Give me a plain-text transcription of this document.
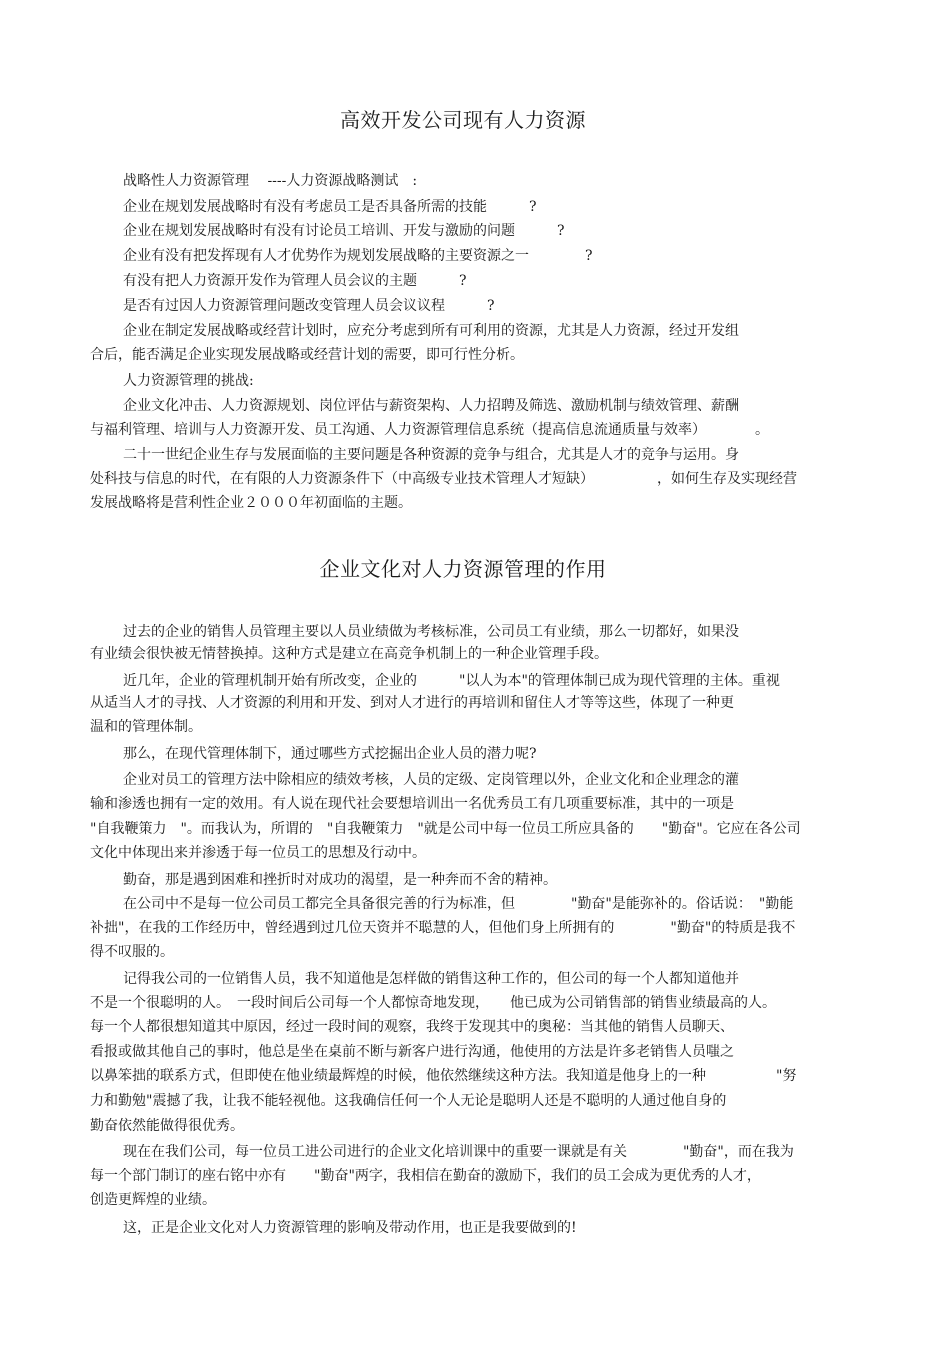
高效开发公司现有人力资源
战略性人力资源管理　 ----人力资源战略测试　:
企业在规划发展战略时有没有考虑员工是否具备所需的技能　　　?
企业在规划发展战略时有没有讨论员工培训、开发与激励的问题　　　?
企业有没有把发挥现有人才优势作为规划发展战略的主要资源之一　　　　?
有没有把人力资源开发作为管理人员会议的主题　　　?
是否有过因人力资源管理问题改变管理人员会议议程　　　?
企业在制定发展战略或经营计划时，应充分考虑到所有可利用的资源，尤其是人力资源，经过开发组
合后，能否满足企业实现发展战略或经营计划的需要，即可行性分析。
人力资源管理的挑战:
企业文化冲击、人力资源规划、岗位评估与薪资架构、人力招聘及筛选、激励机制与绩效管理、薪酬
与福利管理、培训与人力资源开发、员工沟通、人力资源管理信息系统（提高信息流通质量与效率）　　　　。
二十一世纪企业生存与发展面临的主要问题是各种资源的竞争与组合，尤其是人才的竞争与运用。身
处科技与信息的时代，在有限的人力资源条件下（中高级专业技术管理人才短缺）　　　　　，如何生存及实现经营
发展战略将是营利性企业２０００年初面临的主题。
企业文化对人力资源管理的作用
过去的企业的销售人员管理主要以人员业绩做为考核标准，公司员工有业绩，那么一切都好，如果没
有业绩会很快被无情替换掉。这种方式是建立在高竞争机制上的一种企业管理手段。
近几年，企业的管理机制开始有所改变，企业的　　　"以人为本"的管理体制已成为现代管理的主体。重视
从适当人才的寻找、人才资源的利用和开发、到对人才进行的再培训和留住人才等等这些，体现了一种更
温和的管理体制。
那么，在现代管理体制下，通过哪些方式挖掘出企业人员的潜力呢?
企业对员工的管理方法中除相应的绩效考核，人员的定级、定岗管理以外，企业文化和企业理念的灌
输和渗透也拥有一定的效用。有人说在现代社会要想培训出一名优秀员工有几项重要标准，其中的一项是
"自我鞭策力　"。而我认为，所谓的　"自我鞭策力　"就是公司中每一位员工所应具备的　　"勤奋"。它应在各公司
文化中体现出来并渗透于每一位员工的思想及行动中。
勤奋，那是遇到困难和挫折时对成功的渴望，是一种奔而不舍的精神。
在公司中不是每一位公司员工都完全具备很完善的行为标准，但　　　　"勤奋"是能弥补的。俗话说：　"勤能
补拙"，在我的工作经历中，曾经遇到过几位天资并不聪慧的人，但他们身上所拥有的　　　　"勤奋"的特质是我不
得不叹服的。
记得我公司的一位销售人员，我不知道他是怎样做的销售这种工作的，但公司的每一个人都知道他并
不是一个很聪明的人。　一段时间后公司每一个人都惊奇地发现，　　他已成为公司销售部的销售业绩最高的人。
每一个人都很想知道其中原因，经过一段时间的观察，我终于发现其中的奥秘：当其他的销售人员聊天、
看报或做其他自己的事时，他总是坐在桌前不断与新客户进行沟通，他使用的方法是许多老销售人员嗤之
以鼻笨拙的联系方式，但即使在他业绩最辉煌的时候，他依然继续这种方法。我知道是他身上的一种　　　　　"努
力和勤勉"震撼了我，让我不能轻视他。这我确信任何一个人无论是聪明人还是不聪明的人通过他自身的
勤奋依然能做得很优秀。
现在在我们公司，每一位员工进公司进行的企业文化培训课中的重要一课就是有关　　　　"勤奋"，而在我为
每一个部门制订的座右铭中亦有　　"勤奋"两字，我相信在勤奋的激励下，我们的员工会成为更优秀的人才，
创造更辉煌的业绩。
这，正是企业文化对人力资源管理的影响及带动作用，也正是我要做到的!
